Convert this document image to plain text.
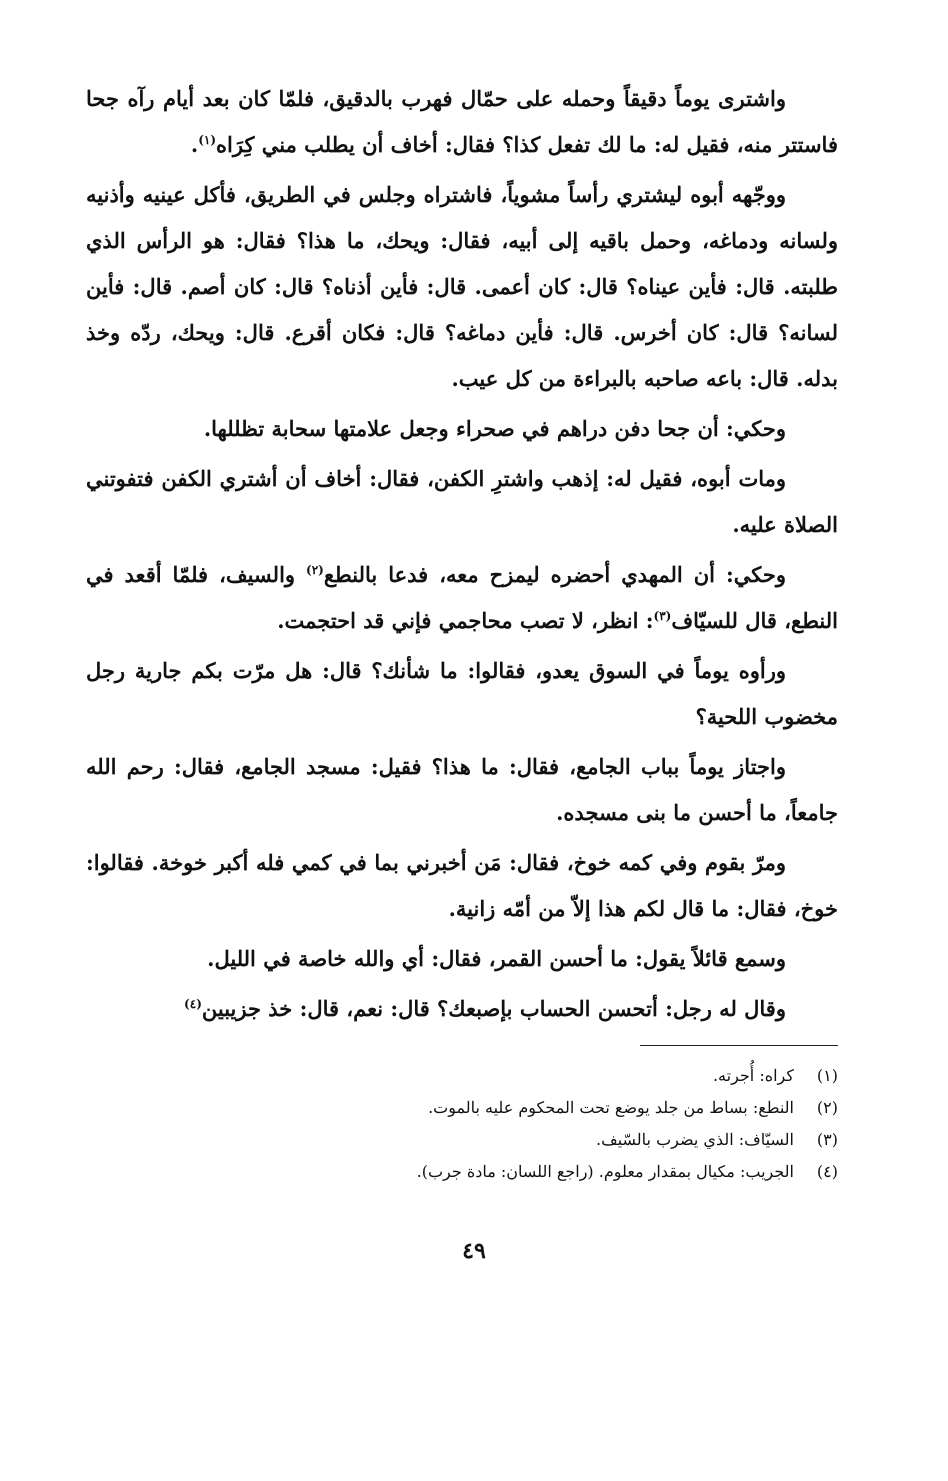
واشترى يوماً دقيقاً وحمله على حمّال فهرب بالدقيق، فلمّا كان بعد أيام رآه جحا فاستتر منه، فقيل له: ما لك تفعل كذا؟ فقال: أخاف أن يطلب مني كِرَاه$^{(١)}$.

ووجّهه أبوه ليشتري رأساً مشوياً، فاشتراه وجلس في الطريق، فأكل عينيه وأذنيه ولسانه ودماغه، وحمل باقيه إلى أبيه، فقال: ويحك، ما هذا؟ فقال: هو الرأس الذي طلبته. قال: فأين عيناه؟ قال: كان أعمى. قال: فأين أذناه؟ قال: كان أصم. قال: فأين لسانه؟ قال: كان أخرس. قال: فأين دماغه؟ قال: فكان أقرع. قال: ويحك، ردّه وخذ بدله. قال: باعه صاحبه بالبراءة من كل عيب.

وحكي: أن جحا دفن دراهم في صحراء وجعل علامتها سحابة تظللها.

ومات أبوه، فقيل له: إذهب واشترِ الكفن، فقال: أخاف أن أشتري الكفن فتفوتني الصلاة عليه.

وحكي: أن المهدي أحضره ليمزح معه، فدعا بالنطع$^{(٢)}$ والسيف، فلمّا أقعد في النطع، قال للسيّاف$^{(٣)}$: انظر، لا تصب محاجمي فإني قد احتجمت.

ورأوه يوماً في السوق يعدو، فقالوا: ما شأنك؟ قال: هل مرّت بكم جارية رجل مخضوب اللحية؟

واجتاز يوماً بباب الجامع، فقال: ما هذا؟ فقيل: مسجد الجامع، فقال: رحم الله جامعاً، ما أحسن ما بنى مسجده.

ومرّ بقوم وفي كمه خوخ، فقال: مَن أخبرني بما في كمي فله أكبر خوخة. فقالوا: خوخ، فقال: ما قال لكم هذا إلاّ من أمّه زانية.

وسمع قائلاً يقول: ما أحسن القمر، فقال: أي والله خاصة في الليل.

وقال له رجل: أتحسن الحساب بإصبعك؟ قال: نعم، قال: خذ جزيبين$^{(٤)}$

(١)
كراه: أُجرته.
(٢)
النطع: بساط من جلد يوضع تحت المحكوم عليه بالموت.
(٣)
السيّاف: الذي يضرب بالسّيف.
(٤)
الجريب: مكيال بمقدار معلوم. (راجع اللسان: مادة جرب).
٤٩
